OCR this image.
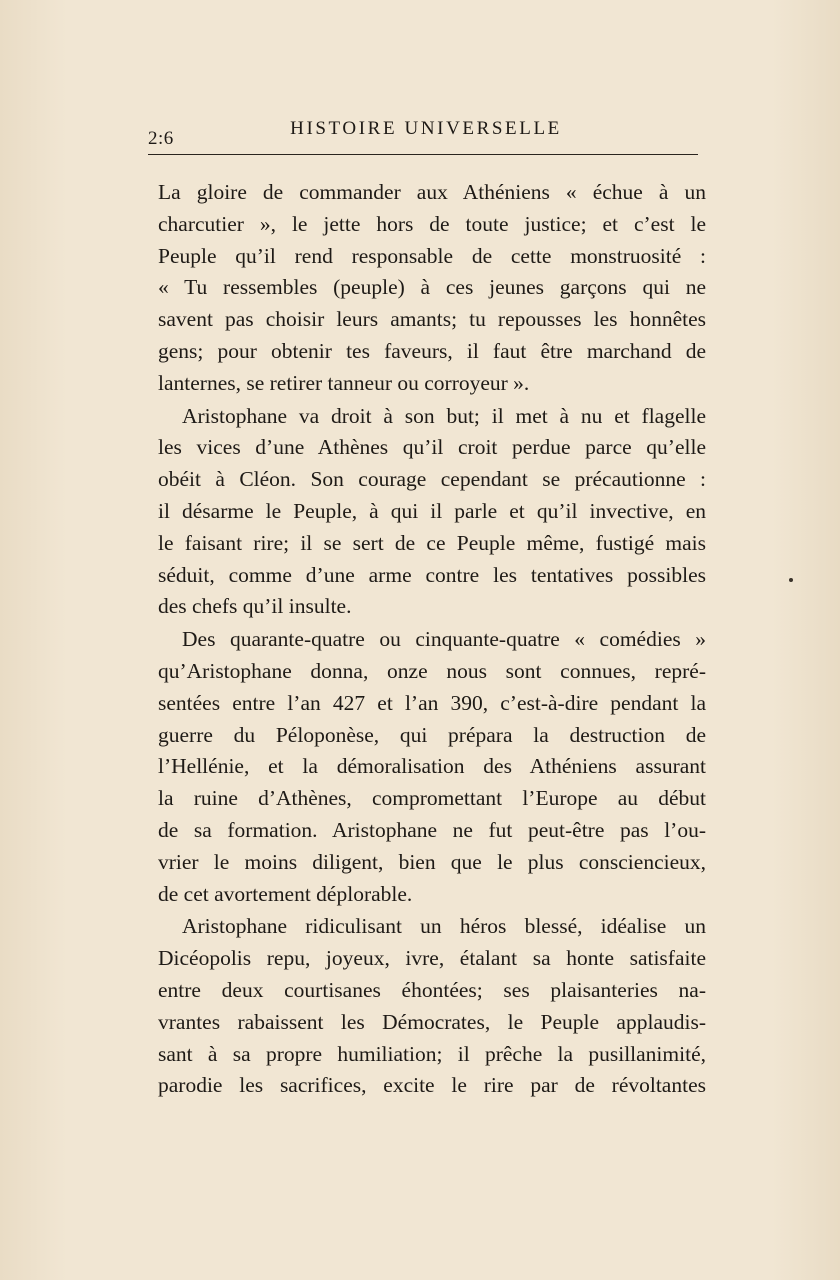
2:6	HISTOIRE UNIVERSELLE
La gloire de commander aux Athéniens « échue à un
charcutier », le jette hors de toute justice; et c’est le
Peuple qu’il rend responsable de cette monstruosité :
« Tu ressembles (peuple) à ces jeunes garçons qui ne
savent pas choisir leurs amants; tu repousses les honnêtes
gens; pour obtenir tes faveurs, il faut être marchand de
lanternes, se retirer tanneur ou corroyeur ».
Aristophane va droit à son but; il met à nu et flagelle
les vices d’une Athènes qu’il croit perdue parce qu’elle
obéit à Cléon. Son courage cependant se précautionne :
il désarme le Peuple, à qui il parle et qu’il invective, en
le faisant rire; il se sert de ce Peuple même, fustigé mais
séduit, comme d’une arme contre les tentatives possibles
des chefs qu’il insulte.
Des quarante-quatre ou cinquante-quatre « comédies »
qu’Aristophane donna, onze nous sont connues, repré-
sentées entre l’an 427 et l’an 390, c’est-à-dire pendant la
guerre du Péloponèse, qui prépara la destruction de
l’Hellénie, et la démoralisation des Athéniens assurant
la ruine d’Athènes, compromettant l’Europe au début
de sa formation. Aristophane ne fut peut-être pas l’ou-
vrier le moins diligent, bien que le plus consciencieux,
de cet avortement déplorable.
Aristophane ridiculisant un héros blessé, idéalise un
Dicéopolis repu, joyeux, ivre, étalant sa honte satisfaite
entre deux courtisanes éhontées; ses plaisanteries na-
vrantes rabaissent les Démocrates, le Peuple applaudis-
sant à sa propre humiliation; il prêche la pusillanimité,
parodie les sacrifices, excite le rire par de révoltantes
